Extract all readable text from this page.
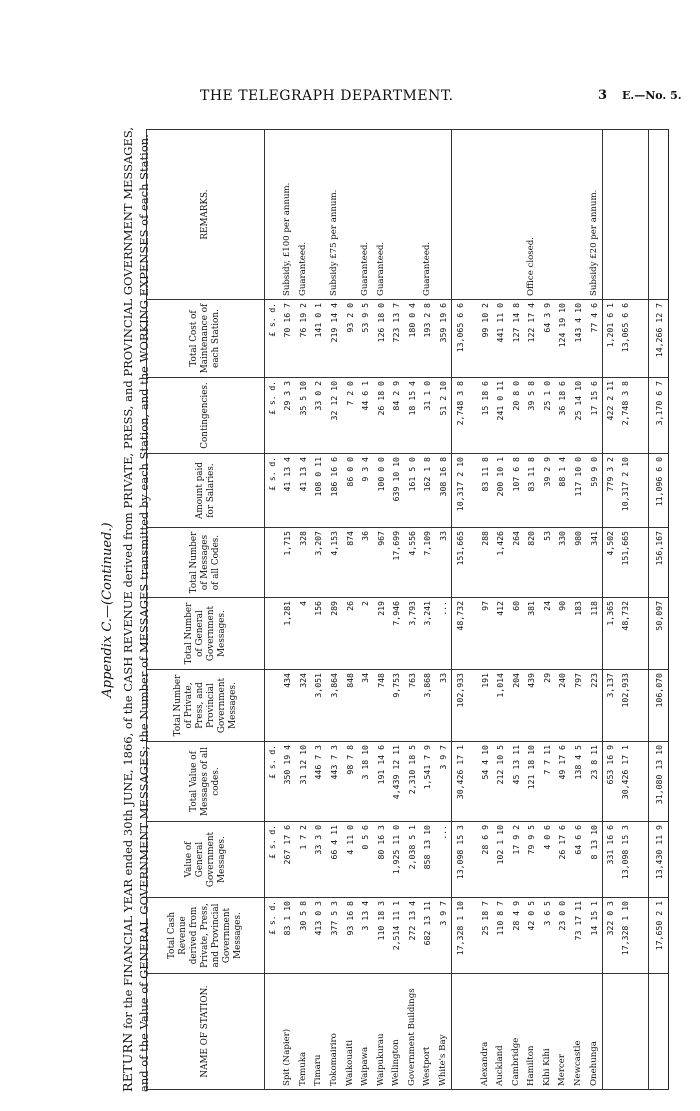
THE TELEGRAPH DEPARTMENT.	3 E.—No. 5.
Appendix C.—(Continued.)
RETURN for the FINANCIAL YEAR ended 30th JUNE, 1866, of the CASH REVENUE derived from PRIVATE, PRESS, and PROVINCIAL GOVERNMENT MESSAGES, and of the Value of GENERAL GOVERNMENT MESSAGES; the Number of MESSAGES transmitted by each Station, and the WORKING EXPENSES of each Station.	NAME OF STATION.	Total Cash Revenue derived from Private, Press, and Provincial Government Messages.	Value of General Government Messages.	Total Value of Messages of all codes.	Total Number of Private, Press, and Provincial Government Messages.	Total Number of General Government Messages.	Total Number of Messages of all Codes.	Amount paid for Salaries.	Contingencies.	Total Cost of Maintenance of each Station.	REMARKS.
	£ s. d.	£ s. d.	£ s. d.				£ s. d.	£ s. d.	£ s. d.	
Spit (Napier)	83 1 10	267 17 6	350 19 4	434	1,281	1,715	41 13 4	29 3 3	70 16 7	Subsidy, £100 per annum.
Temuka	30 5 8	1 7 2	31 12 10	324	4	328	41 13 4	35 5 10	76 19 2	Guaranteed.
Timaru	413 0 3	33 3 0	446 7 3	3,051	156	3,207	108 0 11	33 0 2	141 0 1	
Tokomairiro	377 5 3	66 4 11	443 7 3	3,864	289	4,153	186 16 6	32 12 10	219 14 4	Subsidy £75 per annum.
Waikouaiti	93 16 8	4 11 0	98 7 8	848	26	874	86 0 0	7 2 0	93 2 0	
Waipawa	3 13 4	0 5 6	3 18 10	34	2	36	9 3 4	44 6 1	53 9 5	Guaranteed.
Waipukurau	110 18 3	80 16 3	191 14 6	748	219	967	100 0 0	26 18 0	126 18 0	Guaranteed.
Wellington	2,514 11 1	1,925 11 0	4,439 12 11	9,753	7,946	17,699	639 10 10	84 2 9	723 13 7	
Government Buildings	272 13 4	2,038 5 1	2,310 18 5	763	3,793	4,556	161 5 0	18 15 4	180 0 4	
Westport	682 13 11	858 13 10	1,541 7 9	3,868	3,241	7,109	162 1 8	31 1 0	193 2 8	Guaranteed.
White's Bay	3 9 7	...	3 9 7	33	...	33	308 16 8	51 2 10	359 19 6	
	17,328 1 10	13,098 15 3	30,426 17 1	102,933	48,732	151,665	10,317 2 10	2,748 3 8	13,065 6 6	

Alexandra	25 18 7	28 6 9	54 4 10	191	97	288	83 11 8	15 18 6	99 10 2	
Auckland	110 8 7	102 1 10	212 10 5	1,014	412	1,426	200 10 1	241 0 11	441 11 0	
Cambridge	28 4 9	17 9 2	45 13 11	204	60	264	107 6 8	20 8 0	127 14 8	
Hamilton	42 0 5	79 9 5	121 18 10	439	381	820	83 11 8	39 5 8	122 17 4	Office closed.
Kihi Kihi	3 6 5	4 0 6	7 7 11	29	24	53	39 2 9	25 1 0	64 3 9	
Mercer	23 0 0	26 17 6	49 17 6	240	90	330	88 1 4	36 18 6	124 19 10	
Newcastle	73 17 11	64 6 6	138 4 5	797	183	980	117 10 0	25 14 10	143 4 10	
Onehunga	14 15 1	8 13 10	23 8 11	223	118	341	59 9 0	17 15 6	77 4 6	Subsidy £20 per annum.
	322 0 3	331 16 6	653 16 9	3,137	1,365	4,502	779 3 2	422 2 11	1,201 6 1	
	17,328 1 10	13,098 15 3	30,426 17 1	102,933	48,732	151,665	10,317 2 10	2,748 3 8	13,065 6 6	

	17,650 2 1	13,430 11 9	31,080 13 10	106,070	50,097	156,167	11,096 6 0	3,170 6 7	14,266 12 7	
